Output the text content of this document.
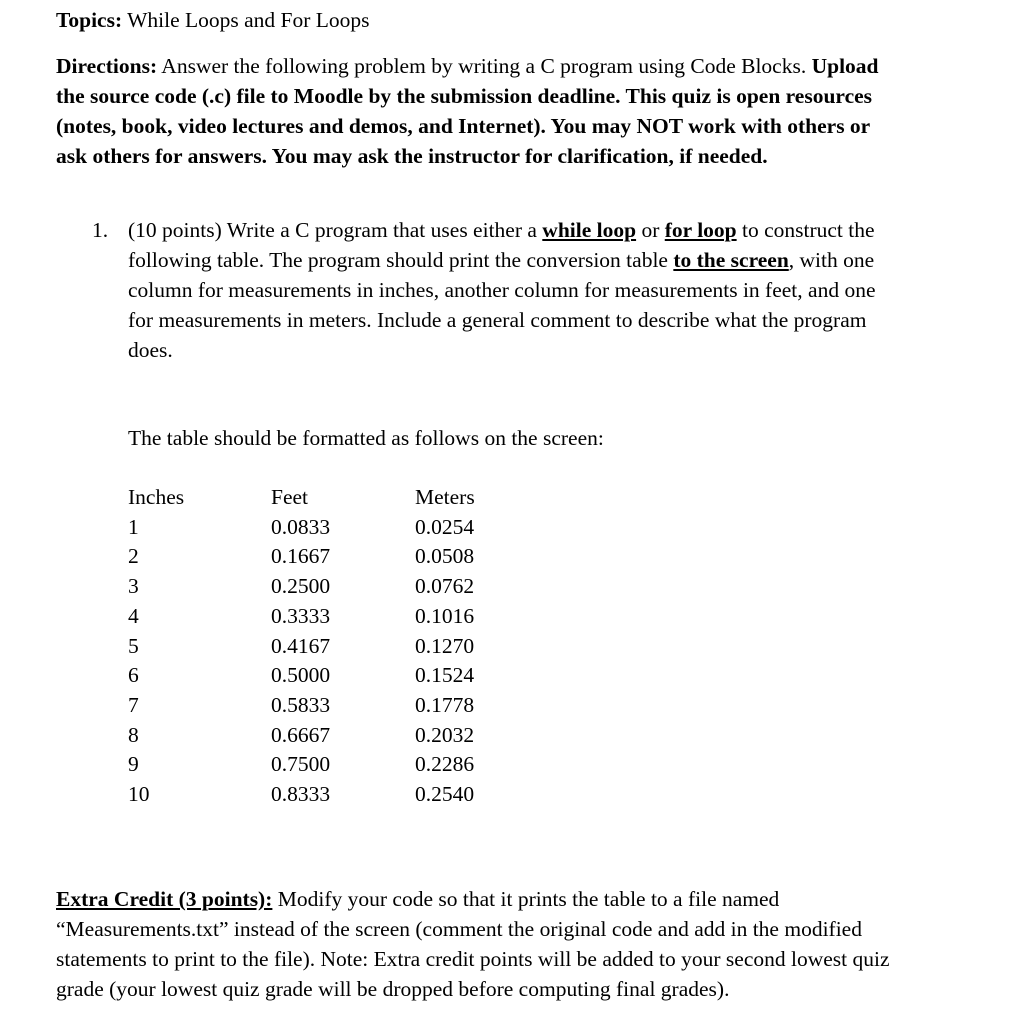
Topics: While Loops and For Loops
Directions: Answer the following problem by writing a C program using Code Blocks. Upload
the source code (.c) file to Moodle by the submission deadline. This quiz is open resources
(notes, book, video lectures and demos, and Internet). You may NOT work with others or
ask others for answers. You may ask the instructor for clarification, if needed.
1. (10 points) Write a C program that uses either a while loop or for loop to construct the
following table. The program should print the conversion table to the screen, with one
column for measurements in inches, another column for measurements in feet, and one
for measurements in meters. Include a general comment to describe what the program
does.
The table should be formatted as follows on the screen:
Inches	Feet	Meters
1	0.0833	0.0254
2	0.1667	0.0508
3	0.2500	0.0762
4	0.3333	0.1016
5	0.4167	0.1270
6	0.5000	0.1524
7	0.5833	0.1778
8	0.6667	0.2032
9	0.7500	0.2286
10	0.8333	0.2540
Extra Credit (3 points): Modify your code so that it prints the table to a file named
“Measurements.txt” instead of the screen (comment the original code and add in the modified
statements to print to the file). Note: Extra credit points will be added to your second lowest quiz
grade (your lowest quiz grade will be dropped before computing final grades).
